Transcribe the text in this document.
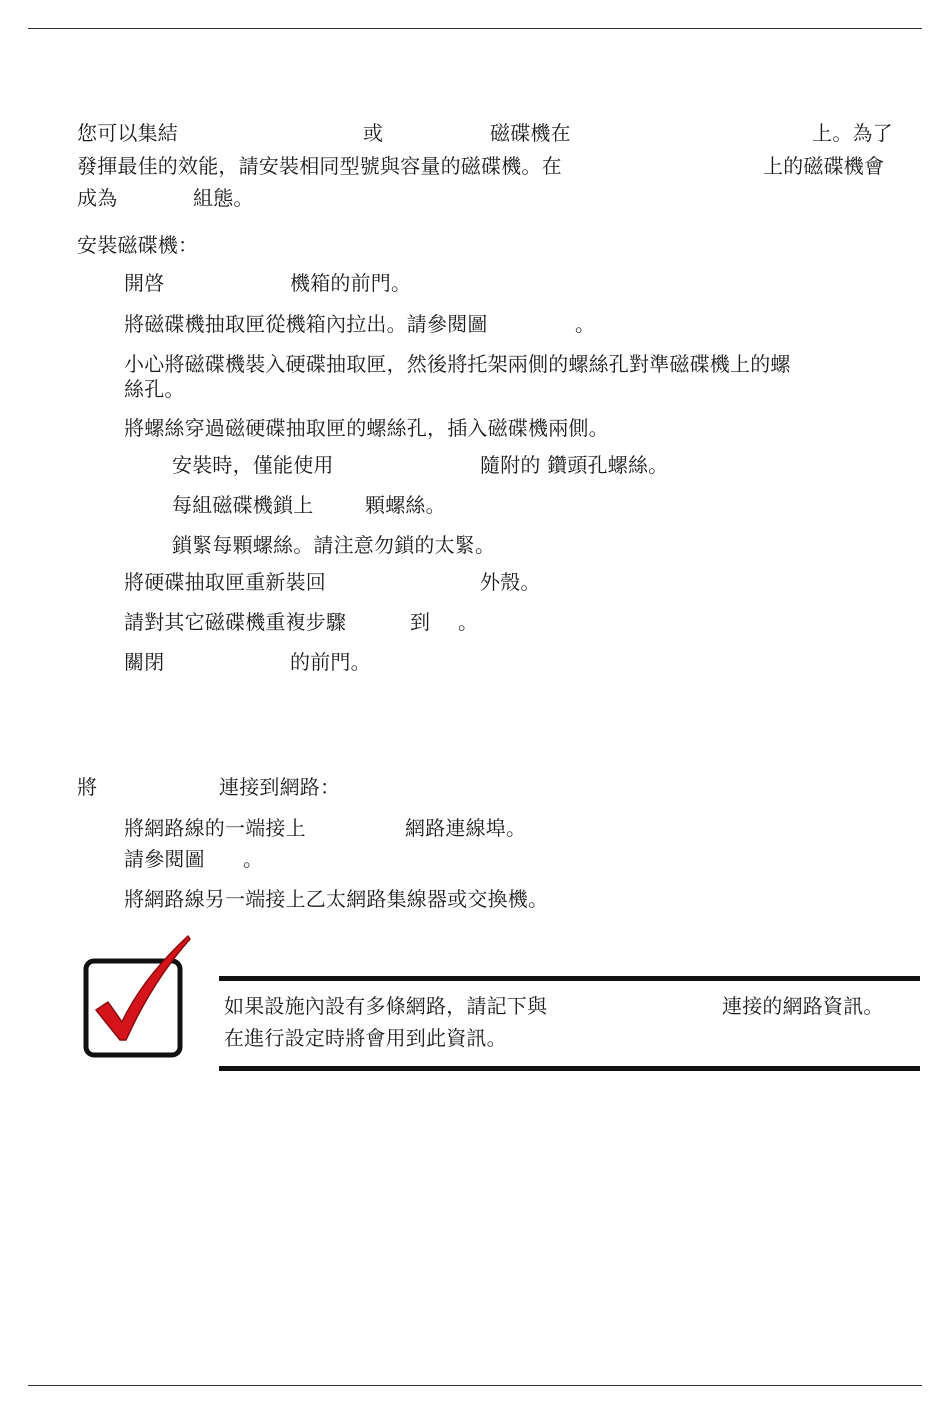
您可以集結	或	磁碟機在	上。為了
發揮最佳的效能，請安裝相同型號與容量的磁碟機。在	上的磁碟機會
成為	組態。
安裝磁碟機：
開啓	機箱的前門。
將磁碟機抽取匣從機箱內拉出。請參閱圖	。
小心將磁碟機裝入硬碟抽取匣，然後將托架兩側的螺絲孔對準磁碟機上的螺
絲孔。
將螺絲穿過磁硬碟抽取匣的螺絲孔，插入磁碟機兩側。
安裝時，僅能使用	隨附的 鑽頭孔螺絲。
每組磁碟機鎖上	顆螺絲。
鎖緊每顆螺絲。請注意勿鎖的太緊。
將硬碟抽取匣重新裝回	外殼。
請對其它磁碟機重複步驟	到 。
關閉	的前門。
將	連接到網路：
將網路線的一端接上	網路連線埠。
請參閱圖 。
將網路線另一端接上乙太網路集線器或交換機。
如果設施內設有多條網路，請記下與	連接的網路資訊。
在進行設定時將會用到此資訊。
